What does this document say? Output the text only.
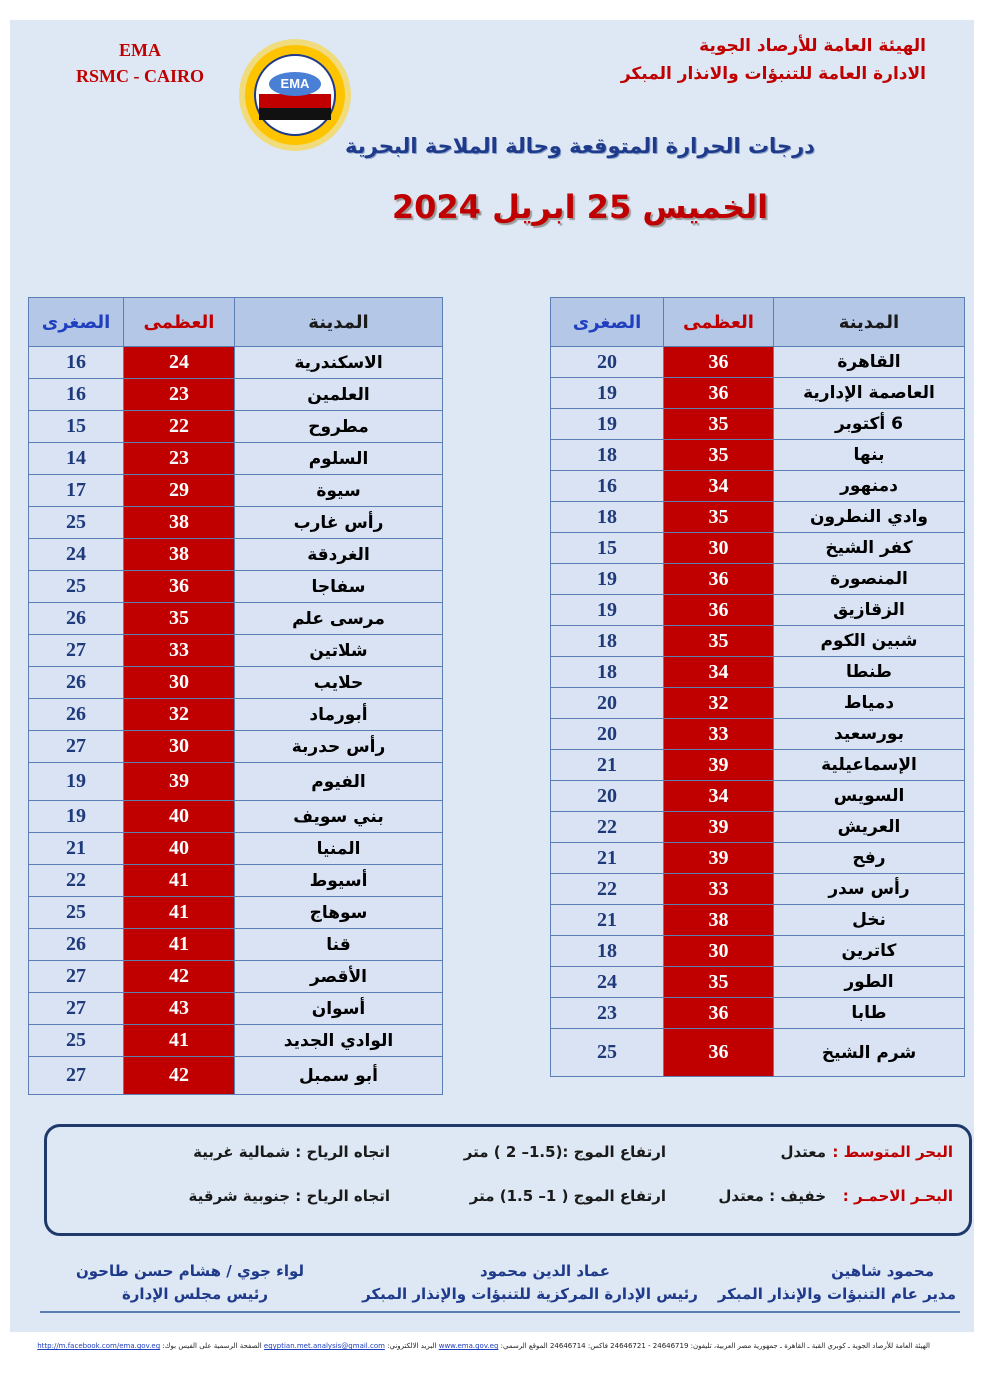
الهيئة العامة للأرصاد الجوية
الادارة العامة للتنبؤات والانذار المبكر
EMA
RSMC - CAIRO	EMA
درجات الحرارة المتوقعة وحالة الملاحة البحرية
الخميس 25 ابريل 2024
المدينة	العظمى	الصغرى
القاهرة	36	20
العاصمة الإدارية	36	19
6 أكتوبر	35	19
بنها	35	18
دمنهور	34	16
وادي النطرون	35	18
كفر الشيخ	30	15
المنصورة	36	19
الزقازيق	36	19
شبين الكوم	35	18
طنطا	34	18
دمياط	32	20
بورسعيد	33	20
الإسماعيلية	39	21
السويس	34	20
العريش	39	22
رفح	39	21
رأس سدر	33	22
نخل	38	21
كاترين	30	18
الطور	35	24
طابا	36	23
شرم الشيخ	36	25
المدينة	العظمى	الصغرى
الاسكندرية	24	16
العلمين	23	16
مطروح	22	15
السلوم	23	14
سيوة	29	17
رأس غارب	38	25
الغردقة	38	24
سفاجا	36	25
مرسى علم	35	26
شلاتين	33	27
حلايب	30	26
أبورماد	32	26
رأس حدربة	30	27
الفيوم	39	19
بني سويف	40	19
المنيا	40	21
أسيوط	41	22
سوهاج	41	25
قنا	41	26
الأقصر	42	27
أسوان	43	27
الوادي الجديد	41	25
أبو سمبل	42	27
البحر المتوسط :
معتدل
ارتفاع الموج :(1.5– 2 ) متر
اتجاه الرياح : شمالية غربية
البحـر الاحمـر :
خفيف : معتدل
ارتفاع الموج ( 1– 1.5) متر
اتجاه الرياح : جنوبية شرقية
محمود شاهين
مدير عام التنبؤات والإنذار المبكر
عماد الدين محمود
رئيس الإدارة المركزية للتنبؤات والإنذار المبكر
لواء جوي / هشام حسن طاحون
رئيس مجلس الإدارة
الهيئة العامة للأرصاد الجوية ـ كوبري القبة ـ القاهرة ـ جمهورية مصر العربية، تليفون: 24646719 - 24646721 فاكس: 24646714 الموقع الرسمي: www.ema.gov.eg البريد الالكتروني: egyptian.met.analysis@gmail.com الصفحة الرسمية على الفيس بوك: http://m.facebook.com/ema.gov.eg
